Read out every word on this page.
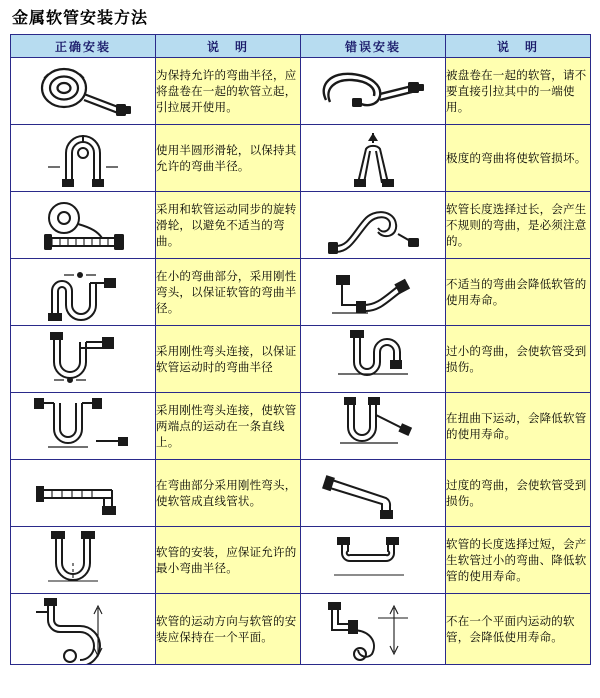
金属软管安装方法
正确安装	说　明	错误安装	说　明

	为保持允许的弯曲半径，应将盘卷在一起的软管立起，引拉展开使用。		被盘卷在一起的软管，请不要直接引拉其中的一端使用。

	使用半圆形滑轮，以保持其允许的弯曲半径。		极度的弯曲将使软管损坏。

	采用和软管运动同步的旋转滑轮，以避免不适当的弯曲。		软管长度选择过长，会产生不规则的弯曲，是必须注意的。

	在小的弯曲部分，采用刚性弯头，以保证软管的弯曲半径。		不适当的弯曲会降低软管的使用寿命。

	采用刚性弯头连接，以保证软管运动时的弯曲半径		过小的弯曲，会使软管受到损伤。

	采用刚性弯头连接，使软管两端点的运动在一条直线上。		在扭曲下运动，会降低软管的使用寿命。

	在弯曲部分采用刚性弯头，使软管成直线管状。		过度的弯曲，会使软管受到损伤。

	软管的安装，应保证允许的最小弯曲半径。		软管的长度选择过短，会产生软管过小的弯曲、降低软管的使用寿命。

	软管的运动方向与软管的安装应保持在一个平面。		不在一个平面内运动的软管，会降低使用寿命。
